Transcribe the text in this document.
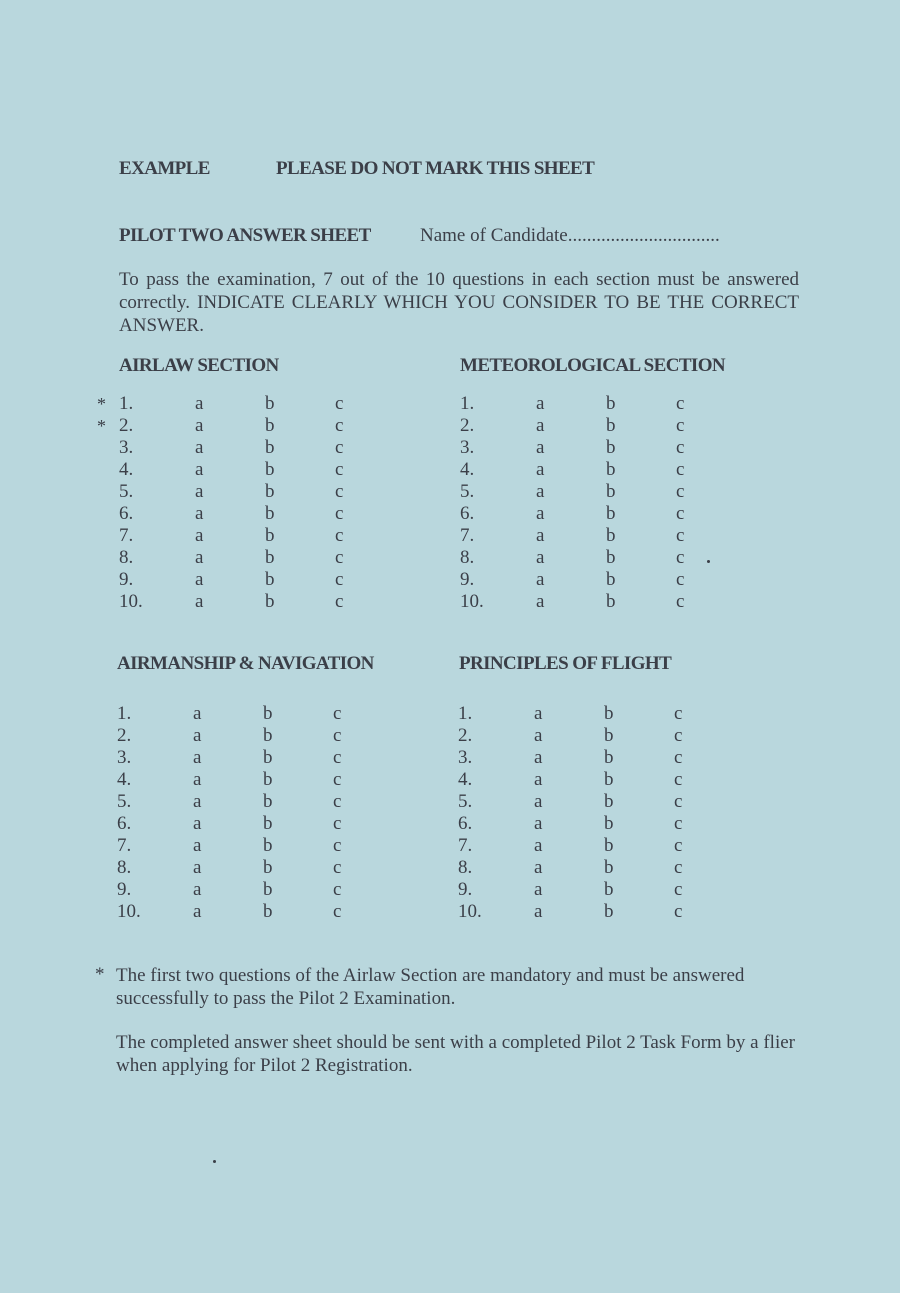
EXAMPLE	PLEASE DO NOT MARK THIS SHEET
PILOT TWO ANSWER SHEET	Name of Candidate................................
To pass the examination, 7 out of the 10 questions in each section must be answered correctly. INDICATE CLEARLY WHICH YOU CONSIDER TO BE THE CORRECT ANSWER.
AIRLAW SECTION	METEOROLOGICAL SECTION
AIRMANSHIP & NAVIGATION	PRINCIPLES OF FLIGHT
* 1.	a	b	c
* 2.	a	b	c
3.	a	b	c
4.	a	b	c
5.	a	b	c
6.	a	b	c
7.	a	b	c
8.	a	b	c
9.	a	b	c
10.	a	b	c
1.	a	b	c
2.	a	b	c
3.	a	b	c
4.	a	b	c
5.	a	b	c
6.	a	b	c
7.	a	b	c
8.	a	b	c
9.	a	b	c
10.	a	b	c
1.	a	b	c
2.	a	b	c
3.	a	b	c
4.	a	b	c
5.	a	b	c
6.	a	b	c
7.	a	b	c
8.	a	b	c
9.	a	b	c
10.	a	b	c
1.	a	b	c
2.	a	b	c
3.	a	b	c
4.	a	b	c
5.	a	b	c
6.	a	b	c
7.	a	b	c
8.	a	b	c
9.	a	b	c
10.	a	b	c
* The first two questions of the Airlaw Section are mandatory and must be answered successfully to pass the Pilot 2 Examination.
The completed answer sheet should be sent with a completed Pilot 2 Task Form by a flier when applying for Pilot 2 Registration.
